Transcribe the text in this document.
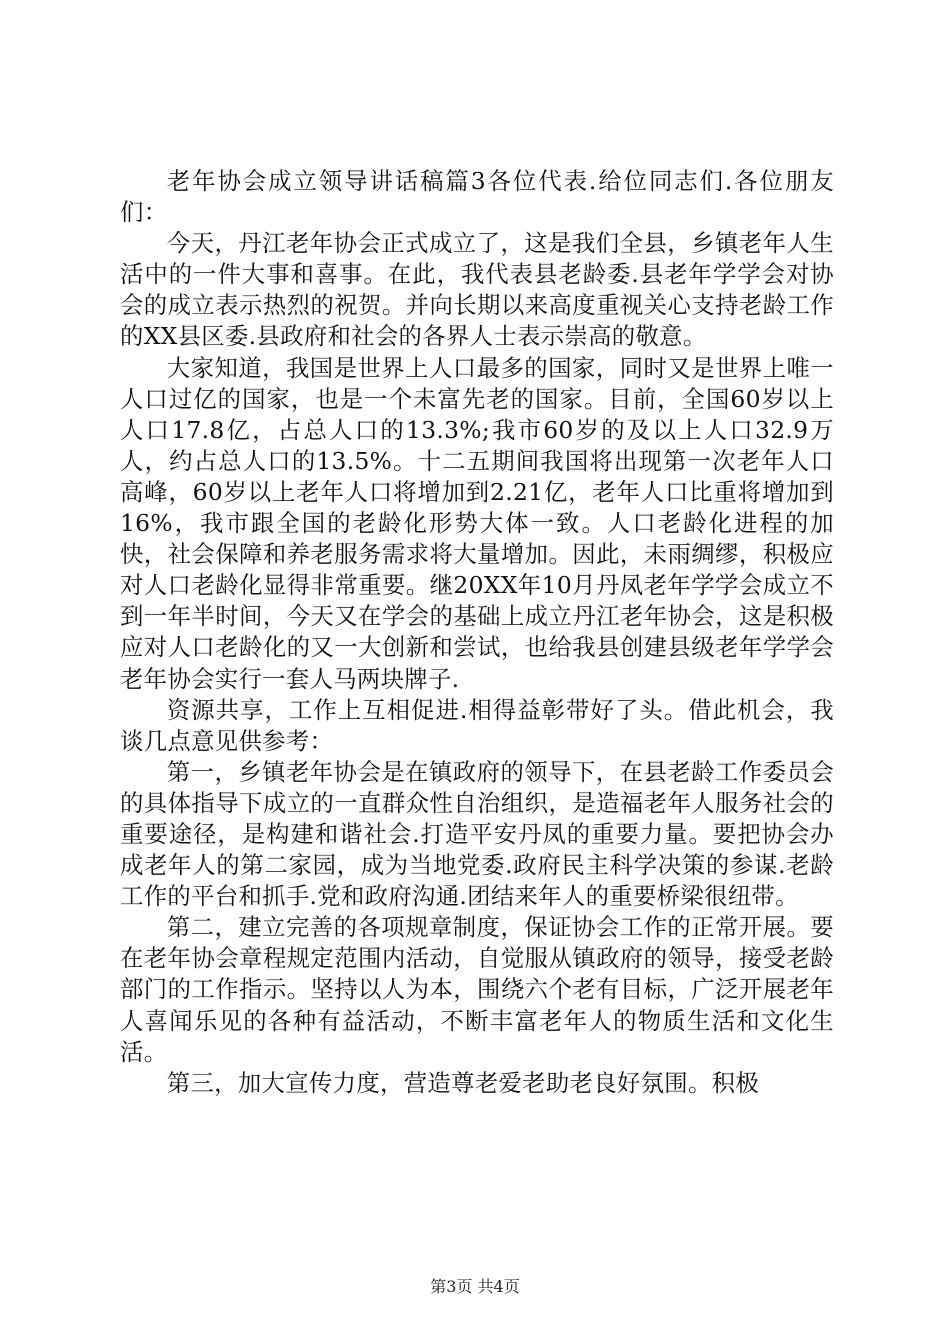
老年协会成立领导讲话稿篇3各位代表.给位同志们.各位朋友们：

今天，丹江老年协会正式成立了，这是我们全县，乡镇老年人生活中的一件大事和喜事。在此，我代表县老龄委.县老年学学会对协会的成立表示热烈的祝贺。并向长期以来高度重视关心支持老龄工作的XX县区委.县政府和社会的各界人士表示崇高的敬意。

大家知道，我国是世界上人口最多的国家，同时又是世界上唯一人口过亿的国家，也是一个未富先老的国家。目前，全国60岁以上人口17.8亿，占总人口的13.3%;我市60岁的及以上人口32.9万人，约占总人口的13.5%。十二五期间我国将出现第一次老年人口高峰，60岁以上老年人口将增加到2.21亿，老年人口比重将增加到16%，我市跟全国的老龄化形势大体一致。人口老龄化进程的加快，社会保障和养老服务需求将大量增加。因此，未雨绸缪，积极应对人口老龄化显得非常重要。继20XX年10月丹凤老年学学会成立不到一年半时间，今天又在学会的基础上成立丹江老年协会，这是积极应对人口老龄化的又一大创新和尝试，也给我县创建县级老年学学会老年协会实行一套人马两块牌子.

资源共享，工作上互相促进.相得益彰带好了头。借此机会，我谈几点意见供参考：

第一，乡镇老年协会是在镇政府的领导下，在县老龄工作委员会的具体指导下成立的一直群众性自治组织，是造福老年人服务社会的重要途径，是构建和谐社会.打造平安丹凤的重要力量。要把协会办成老年人的第二家园，成为当地党委.政府民主科学决策的参谋.老龄工作的平台和抓手.党和政府沟通.团结来年人的重要桥梁很纽带。

第二，建立完善的各项规章制度，保证协会工作的正常开展。要在老年协会章程规定范围内活动，自觉服从镇政府的领导，接受老龄部门的工作指示。坚持以人为本，围绕六个老有目标，广泛开展老年人喜闻乐见的各种有益活动，不断丰富老年人的物质生活和文化生活。

第三，加大宣传力度，营造尊老爱老助老良好氛围。积极

第3页 共4页
